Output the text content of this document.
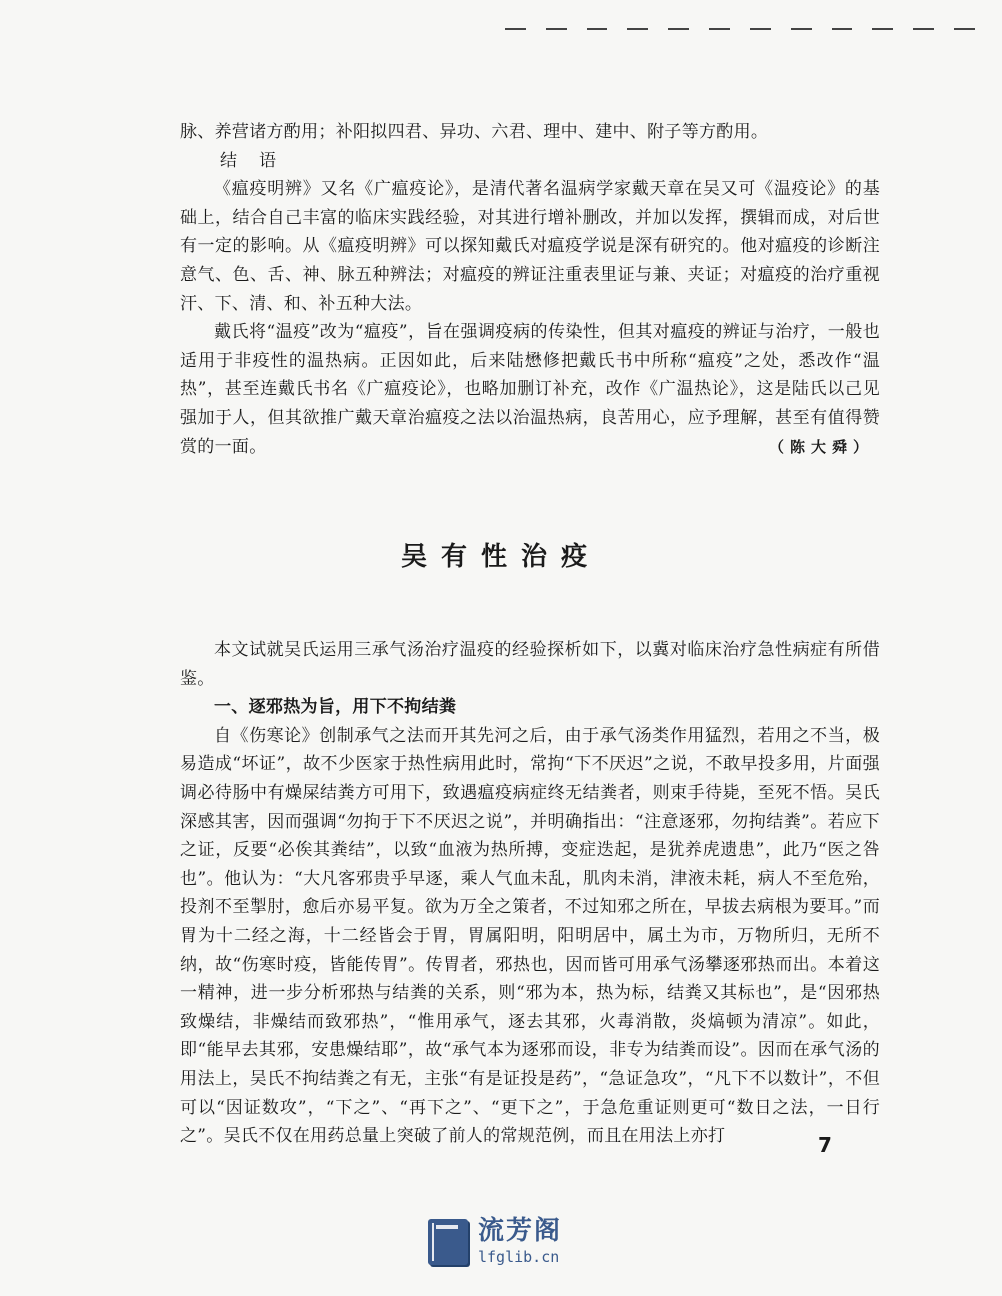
脉、养营诸方酌用；补阳拟四君、异功、六君、理中、建中、附子等方酌用。

结语

《瘟疫明辨》又名《广瘟疫论》，是清代著名温病学家戴天章在吴又可《温疫论》的基础上，结合自己丰富的临床实践经验，对其进行增补删改，并加以发挥，撰辑而成，对后世有一定的影响。从《瘟疫明辨》可以探知戴氏对瘟疫学说是深有研究的。他对瘟疫的诊断注意气、色、舌、神、脉五种辨法；对瘟疫的辨证注重表里证与兼、夹证；对瘟疫的治疗重视汗、下、清、和、补五种大法。

戴氏将“温疫”改为“瘟疫”，旨在强调疫病的传染性，但其对瘟疫的辨证与治疗，一般也适用于非疫性的温热病。正因如此，后来陆懋修把戴氏书中所称“瘟疫”之处，悉改作“温热”，甚至连戴氏书名《广瘟疫论》，也略加删订补充，改作《广温热论》，这是陆氏以己见强加于人，但其欲推广戴天章治瘟疫之法以治温热病，良苦用心，应予理解，甚至有值得赞赏的一面。	（陈大舜）
吴有性治疫

本文试就吴氏运用三承气汤治疗温疫的经验探析如下，以冀对临床治疗急性病症有所借鉴。

一、逐邪热为旨，用下不拘结粪

自《伤寒论》创制承气之法而开其先河之后，由于承气汤类作用猛烈，若用之不当，极易造成“坏证”，故不少医家于热性病用此时，常拘“下不厌迟”之说，不敢早投多用，片面强调必待肠中有燥屎结粪方可用下，致遇瘟疫病症终无结粪者，则束手待毙，至死不悟。吴氏深感其害，因而强调“勿拘于下不厌迟之说”，并明确指出：“注意逐邪，勿拘结粪”。若应下之证，反要“必俟其粪结”，以致“血液为热所搏，变症迭起，是犹养虎遗患”，此乃“医之咎也”。他认为：“大凡客邪贵乎早逐，乘人气血未乱，肌肉未消，津液未耗，病人不至危殆，投剂不至掣肘，愈后亦易平复。欲为万全之策者，不过知邪之所在，早拔去病根为要耳。”而胃为十二经之海，十二经皆会于胃，胃属阳明，阳明居中，属土为市，万物所归，无所不纳，故“伤寒时疫，皆能传胃”。传胃者，邪热也，因而皆可用承气汤攀逐邪热而出。本着这一精神，进一步分析邪热与结粪的关系，则“邪为本，热为标，结粪又其标也”，是“因邪热致燥结，非燥结而致邪热”，“惟用承气，逐去其邪，火毒消散，炎熇顿为清凉”。如此，即“能早去其邪，安患燥结耶”，故“承气本为逐邪而设，非专为结粪而设”。因而在承气汤的用法上，吴氏不拘结粪之有无，主张“有是证投是药”，“急证急攻”，“凡下不以数计”，不但可以“因证数攻”，“下之”、“再下之”、“更下之”，于急危重证则更可“数日之法，一日行之”。吴氏不仅在用药总量上突破了前人的常规范例，而且在用法上亦打	7
流芳阁
lfglib.cn
